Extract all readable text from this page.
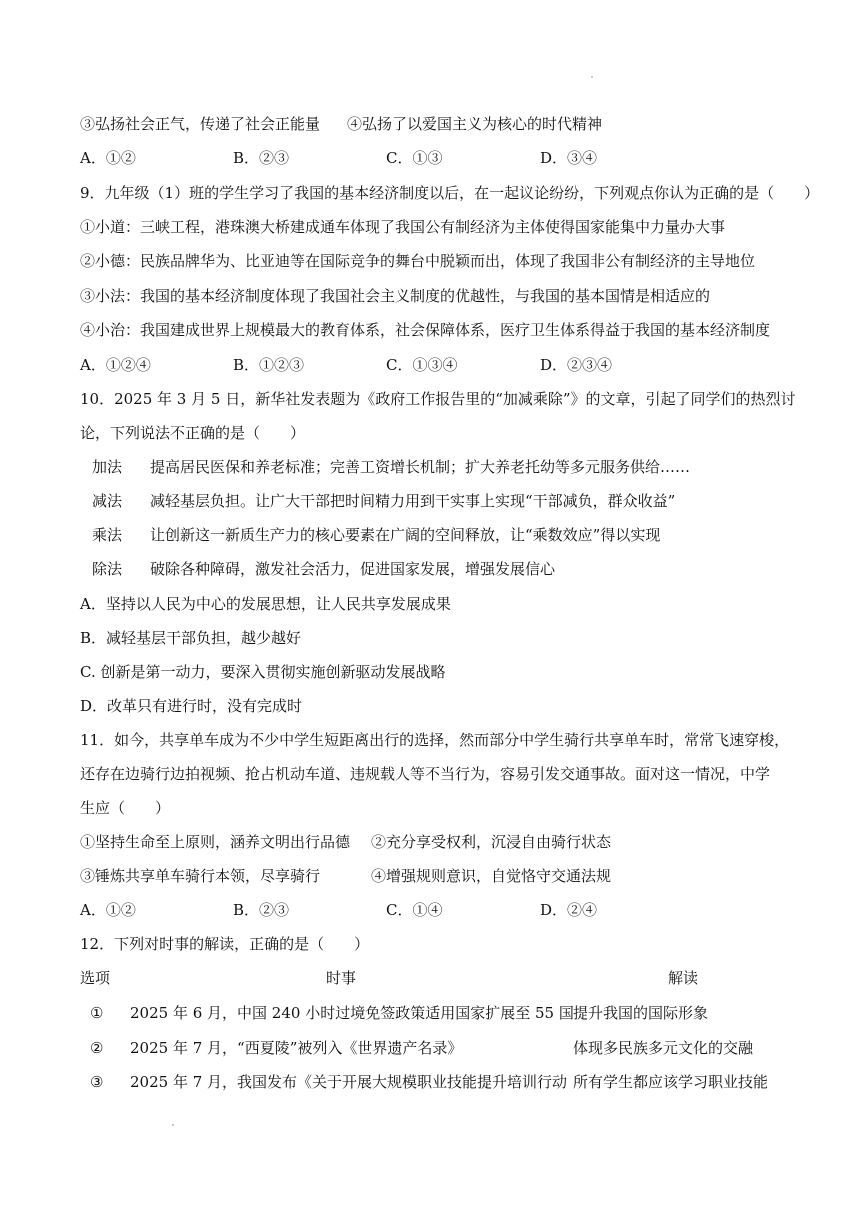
③弘扬社会正气，传递了社会正能量 ④弘扬了以爱国主义为核心的时代精神
A．①②	B．②③	C．①③	D．③④
9．九年级（1）班的学生学习了我国的基本经济制度以后，在一起议论纷纷，下列观点你认为正确的是（　　）
①小道：三峡工程，港珠澳大桥建成通车体现了我国公有制经济为主体使得国家能集中力量办大事
②小德：民族品牌华为、比亚迪等在国际竞争的舞台中脱颖而出，体现了我国非公有制经济的主导地位
③小法：我国的基本经济制度体现了我国社会主义制度的优越性，与我国的基本国情是相适应的
④小治：我国建成世界上规模最大的教育体系，社会保障体系，医疗卫生体系得益于我国的基本经济制度
A．①②④	B．①②③	C．①③④	D．②③④
10．2025 年 3 月 5 日，新华社发表题为《政府工作报告里的“加减乘除”》的文章，引起了同学们的热烈讨
论，下列说法不正确的是（　　）
加法 提高居民医保和养老标准；完善工资增长机制；扩大养老托幼等多元服务供给……
减法 减轻基层负担。让广大干部把时间精力用到干实事上实现“干部减负，群众收益”
乘法 让创新这一新质生产力的核心要素在广阔的空间释放，让“乘数效应”得以实现
除法 破除各种障碍，激发社会活力，促进国家发展，增强发展信心
A．坚持以人民为中心的发展思想，让人民共享发展成果
B．减轻基层干部负担，越少越好
C. 创新是第一动力，要深入贯彻实施创新驱动发展战略
D．改革只有进行时，没有完成时
11．如今，共享单车成为不少中学生短距离出行的选择，然而部分中学生骑行共享单车时，常常飞速穿梭，
还存在边骑行边拍视频、抢占机动车道、违规载人等不当行为，容易引发交通事故。面对这一情况，中学
生应（　　）
①坚持生命至上原则，涵养文明出行品德 ②充分享受权利，沉浸自由骑行状态
③锤炼共享单车骑行本领，尽享骑行	④增强规则意识，自觉恪守交通法规
A．①②	B．②③	C．①④	D．②④
12．下列对时事的解读，正确的是（　　）
选项	时事	解读
① 2025 年 6 月，中国 240 小时过境免签政策适用国家扩展至 55 国 提升我国的国际形象
② 2025 年 7 月，“西夏陵”被列入《世界遗产名录》	体现多民族多元文化的交融
③ 2025 年 7 月，我国发布《关于开展大规模职业技能提升培训行动 所有学生都应该学习职业技能
